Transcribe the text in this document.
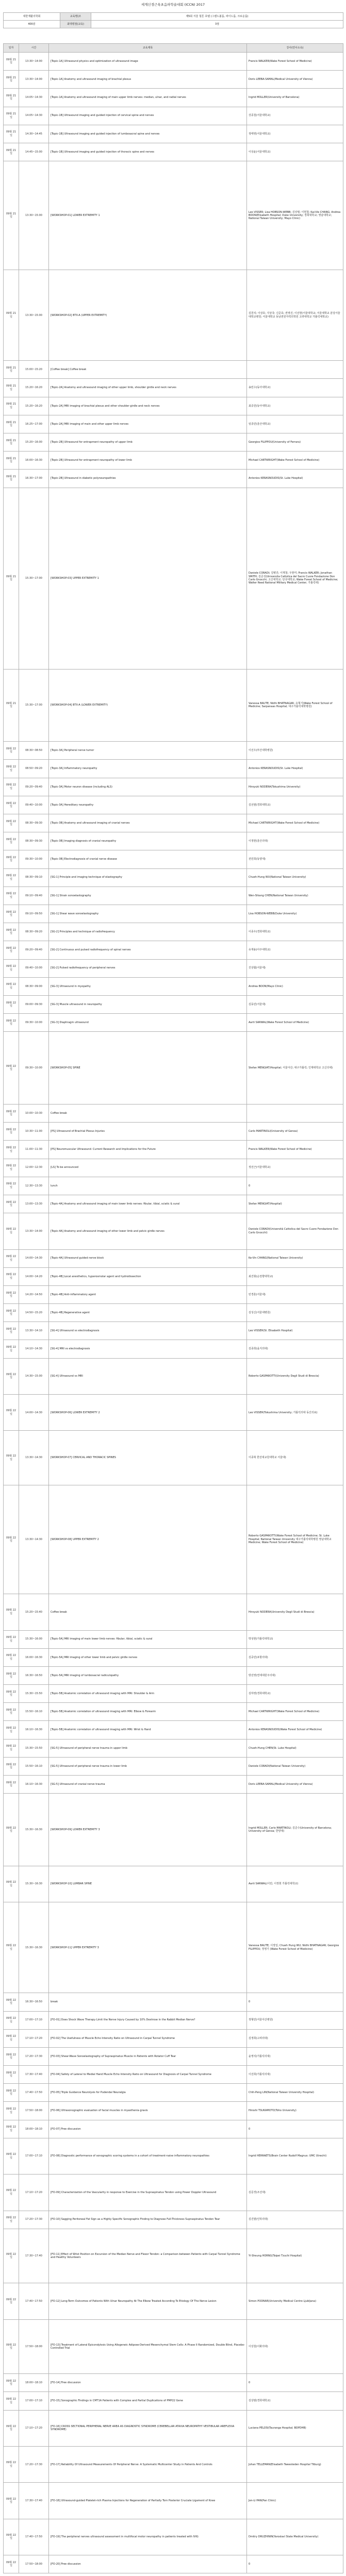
세계신경근육초음파학술대회 (ICCN) 2017
대한재활의학회	교육명(조	제5회 서울 힐튼 호텔 (그랜드볼룸, 파이드룸, 크로운룸)
400분	최대평점(교육)	3점
일자	시간	교육제목	강사(연사소속)
09월 21일	13:30~14:00	[Topic-1A] Ultrasound physics and optimization of ultrasound image	Francis WALKER(Wake Forest School of Medicine)
09월 21일	13:30~14:00	[Topic-1A] Anatomy and ultrasound imaging of brachial plexus	Doris LEEBA-SAMAL(Medical University of Vienna)
09월 21일	14:05~14:30	[Topic-1A] Anatomy and ultrasound imaging of main upper limb nerves: median, ulnar, and radial nerves	Ingrid MOLLER(University of Barcelona)
09월 21일	14:05~14:30	[Topic-1B] Ultrasound imaging and guided injection of cervical spine and nerves	강종철(서울대학교)
09월 21일	14:30~14:45	[Topic-1B] Ultrasound imaging and guided injection of lumbosacral spine and nerves	정태영(서울대학교)
09월 21일	14:45~15:00	[Topic-1B] Ultrasound imaging and guided injection of thoracic spine and nerves	이상윤(서울대학교)
09월 21일	13:30~15:00	[WORKSHOP-01] LOWER EXTREMITY 1	Leo VISSER; Lisa HOBSON-WEBB; 김상범; 이현철; Kai-Vie CHANG; Andrea BOON(Elisabeth Hospital; Duke University; 경희대학교; 영남대학교; National Taiwan University; Mayo Clinic)
09월 21일	13:30~15:00	[WORKSHOP-02] BTX-A (UPPER EXTREMITY)	김원석; 이상호; 지상국; 신준호; 권영진; 이선현(서울대학교; 서울대학교 분당서울대학교병원; 서울대학교 동남권원자력의학원 고려대학교 가톨릭대학교)
09월 21일	15:00~15:20	[Coffee break] Coffee break	
09월 21일	15:20~16:20	[Topic-2A] Anatomy and ultrasound imaging of other upper limb, shoulder girdle and neck nerves	송민수(동아대학교)
09월 21일	15:20~16:20	[Topic-2A] MRI imaging of brachial plexus and other shoulder girdle and neck nerves	최중원(동아대학교)
09월 21일	16:25~17:00	[Topic-2A] MRI imaging of main and other upper limb nerves	임종민(울산대학교)
09월 21일	15:20~16:00	[Topic-2B] Ultrasound for entrapment neuropathy of upper limb	Georgios FILIPPOU(University of Ferrara)
09월 21일	16:00~16:30	[Topic-2B] Ultrasound for entrapment neuropathy of lower limb	Michael CARTWRIGHT(Wake Forest School of Medicine)
09월 21일	16:30~17:00	[Topic-2B] Ultrasound in diabetic polyneuropathies	Antonios KERASNOUDIS(St. Luke Hospital)
09월 21일	15:30~17:00	[WORKSHOP-03] UPPER EXTREMITY 1	Daniele CORADI; 김병진; 이재철; 우현미; Francis WALKER; Jonathan SMITH; 김준성(Universita Cattolica del Sacro Cuore Fondazione Don Carlo Gnocchi; 고신대학교; 단국대학교; Wake Forest School of Medicine; Walter Reed National Military Medical Center; 가톨릭대)
09월 21일	15:30~17:00	[WORKSHOP-04] BTX-A (LOWER EXTREMITY)	Vanessa BAUTE; Nidhi BHATNAGAR; 유형기(Wake Forest School of Medicine; Sarpanaas Hospital; 대구가톨릭대학병원)
09월 22일	08:30~08:50	[Topic-3A] Peripheral nerve tumor	이선우(부산대학병원)
09월 22일	08:50~09:20	[Topic-3A] Inflammatory neuropathy	Antonios KERASNOUDIS(St. Luke Hospital)
09월 22일	09:20~09:40	[Topic-3A] Motor neuron disease (including ALS)	Hiroyuki NODERA(Tokushima University)
09월 22일	09:40~10:00	[Topic-3A] Hereditary neuropathy	김선범(경희대학교)
09월 22일	08:30~09:30	[Topic-3B] Anatomy and ultrasound imaging of cranial nerves	Michael CARTWRIGHT(Wake Forest School of Medicine)
09월 22일	08:30~09:30	[Topic-3B] Imaging diagnosis of cranial neuropathy	이정현(울산의대)
09월 22일	09:30~10:00	[Topic-3B] Electrodiagnosis of cranial nerve disease	전민희(동양대)
09월 22일	08:30~09:10	[SG-1] Principle and imaging technique of elastography	Chueh-Hung WU(National Taiwan University)
09월 22일	09:10~09:40	[SG-1] Strain sonoelastography	Wen-Shiang CHEN(National Taiwan University)
09월 22일	09:10~09:50	[SG-1] Shear wave sonoelastography	Lisa HOBSON-WEBB(Duke University)
09월 22일	08:30~09:20	[SG-2] Principles and technique of radiofrequency	이종우(경희대학교)
09월 22일	09:20~09:40	[SG-2] Continuous and pulsed radiofrequency of spinal nerves	유재용(아주대학교)
09월 22일	09:40~10:00	[SG-2] Pulsed radiofrequency of peripheral nerves	진상협(서울대)
09월 22일	08:30~09:00	[SG-3] Ultrasound in myopathy	Andrea BOON(Mayo Clinic)
09월 22일	09:00~09:30	[SG-3] Muscle ultrasound in neuropathy	김동민(서울대)
09월 22일	09:30~10:00	[SG-3] Diaphragm ultrasound	Aarti SARWAL(Wake Forest School of Medicine)
09월 22일	09:30~10:00	[WORKSHOP-05] SPINE	Stefan MENGIAT(Hospital; 서울아산; 대구가톨릭; 인제대학교 고신의대)
09월 22일	10:00~10:30	Coffee break	
09월 22일	10:30~11:00	[PS] Ultrasound of Brachial Plexus Injuries	Carlo MARTINOLI(University of Genoa)
09월 22일	11:00~11:30	[PS] Neuromuscular Ultrasound: Current Research and Implications for the Future	Francis WALKER(Wake Forest School of Medicine)
09월 22일	12:00~12:30	[LS] To be announced	정선근(서울대학교)
09월 22일	12:30~13:30	lunch	0
09월 22일	13:00~13:30	[Topic-4A] Anatomy and ultrasound imaging of main lower limb nerves: fibular, tibial, sciatic & sural	Stefan MENGIAT(Hospital)
09월 22일	13:30~14:00	[Topic-4A] Anatomy and ultrasound imaging of other lower limb and pelvic girdle nerves	Daniele CORADI(Università Cattolica del Sacro Cuore Fondazione Don Carlo Gnocchi)
09월 22일	14:00~14:30	[Topic-4A] Ultrasound guided nerve block	Ke-Vin CHANG(National Taiwan University)
09월 22일	14:00~14:20	[Topic-4B] Local anesthetics, hyperosmolar agent and hydrodissection	최진형(순천향대학교)
09월 22일	14:20~14:50	[Topic-4B] Anti-inflammatory agent	민경훈(서울대)
09월 22일	14:50~15:20	[Topic-4B] Regenerative agent	김성신(서울대병원)
09월 22일	13:30~14:10	[SG-4] Ultrasound vs electrodiagnosis	Leo VISSER(St. Elisabeth Hospital)
09월 22일	14:10~14:30	[SG-4] MRI vs electrodiagnosis	김종희(을지의대)
09월 22일	14:30~15:00	[SG-4] Ultrasound vs MRI	Roberto GASPAROTTI(University Degli Studi di Brescia)
09월 22일	14:00~14:30	[WORKSHOP-06] LOWER EXTREMITY 2	Leo VISSER(Tokushima University; 가톨릭의대 동산의료)
09월 22일	13:30~14:30	[WORKSHOP-07] CERVICAL AND THORACIC SPINES	이종혁 한선대교원대학교 서울대)
09월 22일	13:30~14:30	[WORKSHOP-08] UPPER EXTREMITY 2	Roberto GASPAROTTI(Wake Forest School of Medicine; St. Luke Hospital; National Taiwan University 대구가톨릭대학병원 영남대학교 Medicine; Wake Forest School of Medicine)
09월 22일	15:20~15:40	Coffee break	Hiroyuki NODERA(University Degli Studi di Brescia)
09월 22일	15:30~16:00	[Topic-5A] MRI imaging of main lower limb nerves: fibular, tibial, sciatic & sural	박성현(가톨릭대학교)
09월 22일	16:00~16:30	[Topic-5A] MRI imaging of other lower limb and pelvic girdle nerves	김중민(포항의대)
09월 22일	16:30~16:50	[Topic-5A] MRI imaging of lumbosacral radiculopathy	방선영(연세대원주의대)
09월 22일	15:30~15:50	[Topic-5B] Anatomic correlation of ultrasound imaging with MRI: Shoulder & Arm	김하영(경희대학교)
09월 22일	15:50~16:10	[Topic-5B] Anatomic correlation of ultrasound imaging with MRI: Elbow & Forearm	Michael CARTWRIGHT(Wake Forest School of Medicine)
09월 22일	16:10~16:30	[Topic-5B] Anatomic correlation of ultrasound imaging with MRI: Wrist & Hand	Antonios KERASNOUDIS(Wake Forest School of Medicine)
09월 22일	15:30~15:50	[SG-5] Ultrasound of peripheral nerve trauma in upper limb	Chueh-Hung CHEN(St. Luke Hospital)
09월 22일	15:50~16:10	[SG-5] Ultrasound of peripheral nerve trauma in lower limb	Daniele CORADI(National Taiwan University)
09월 22일	16:10~16:30	[SG-5] Ultrasound of cranial nerve trauma	Doris LEEBA-SAMAL(Medical University of Vienna)
09월 22일	15:30~16:30	[WORKSHOP-09] LOWER EXTREMITY 3	Ingrid MOLLER; Carlo MARTINOLI; 김준수(University of Barcelona; University of Genoa; 한양대)
09월 22일	15:30~16:30	[WORKSHOP-10] LUMBAR SPINE	Aarti SARWAL(이민; 이정현 가톨릭대학교)
09월 22일	15:30~16:30	[WORKSHOP-11] UPPER EXTREMITY 3	Vanessa BAUTE; 이정일; Chueh Hung WU; Nidhi BHATNAGAR; Georgios FILIPPOU; 정영기 (Wake Forest School of Medicine)
09월 22일	16:30~16:50	break	0
09월 22일	17:00~17:10	[FO-01] Does Shock Wave Therapy Limit the Nerve Injury Caused by 10% Dextrose in the Rabbit Median Nerve?	정형민(서울아산병원)
09월 22일	17:10~17:20	[FO-02] The Usefulness of Muscle Echo Intensity Ratio on Ultrasound in Carpal Tunnel Syndrome	김정희(고려의대)
09월 22일	17:20~17:30	[FO-03] Shear-Wave Sonoelastography of Supraspinatus Muscle in Patients with Rotator Cuff Tear	윤영석(가톨릭의대)
09월 22일	17:30~17:40	[FO-04] Safety of Lateral to Medial Hand Muscle Echo Intensity Ratio on Ultrasound for Diagnosis of Carpal Tunnel Syndrome	이선희(가톨릭의대)
09월 22일	17:40~17:50	[FO-05] Triple Guidance Neurolysis for Pudendal Neuralgia	Chih-Peng LIN(National Taiwan University Hospital)
09월 22일	17:50~18:00	[FO-06] Ultrasonographic evaluation of facial muscles in myasthenia gravis	Hiroshi TSUKAMOTO(Toho University)
09월 22일	18:00~18:10	[FO-07] Free discussion	0
09월 22일	17:00~17:10	[FO-08] Diagnostic performance of sonographic scoring systems in a cohort of treatment-naive inflammatory neuropathies	Ingrid HERRAETS(Brain Center Rudolf Magnus: UMC Utrecht)
09월 22일	17:10~17:20	[FO-09] Characterization of the Vascularity in response to Exercise in the Supraspinatus Tendon using Power Doppler Ultrasound	김문경(조선대)
09월 22일	17:20~17:30	[FO-10] Sagging Peritoneal Fat Sign as a Highly Specific Sonographic Finding to Diagnose Full-Thickness Supraspinatus Tendon Tear	김진범(인하의대)
09월 22일	17:30~17:40	[FO-11] Effect of Wrist Position on Excursion of the Median Nerve and Flexor Tendon: a Comparison between Patients with Carpal Tunnel Syndrome and Healthy Volunteers	Yi-Sheung HORNG(Taipei Tzuchi Hospital)
09월 22일	17:40~17:50	[FO-12] Long-Term Outcomes of Patients With Ulnar Neuropathy At The Elbow Treated According To Etiology Of The Nerve Lesion	Simon PODNAR(University Medical Centre Ljubljana)
09월 22일	17:50~18:00	[FO-13] Treatment of Lateral Epicondylosis Using Allogeneic Adipose-Derived Mesenchymal Stem Cells: A Phase II Randomized, Double Blind, Placebo-Controlled Trial	이상철(이화의대)
09월 22일	18:00~18:10	[FO-14] Free discussion	0
09월 22일	17:00~17:10	[FO-15] Sonographic Findings in CMT1A Patients with Complex and Partial Duplications of PMP22 Gene	김상범(경희대학교)
09월 22일	17:10~17:20	[FO-16] CROSS SECTIONAL PERIPHERAL NERVE AREA AS DIAGNOSTIC SYNDROME (CEREBELLAR ATAXIA NEUROPATHY VESTIBULAR AREFLEXIA SYNDROME)	Luciana PELOSI(Tauranga Hospital; BOPDHB)
09월 22일	17:20~17:30	[FO-17] Reliability Of Ultrasound Measurements Of Peripheral Nerve: A Systematic Multicenter Study in Patients And Controls	Johan TELLEMAN(Elisabeth Tweesteden Hospital Tilburg)
09월 22일	17:30~17:40	[FO-18] Ultrasound-guided Platelet-rich Plasma Injections for Regeneration of Partially Torn Posterior Cruciate Ligament of Knee	Jen-Li PAN(Pan Clinic)
09월 22일	17:40~17:50	[FO-19] The peripheral nerves ultrasound assessment in multifocal motor neuropathy in patients treated with IVIG	Dmitry DRUZHININ(Yaroslavl State Medical University)
09월 22일	17:50~18:00	[FO-20] Free discussion	0
